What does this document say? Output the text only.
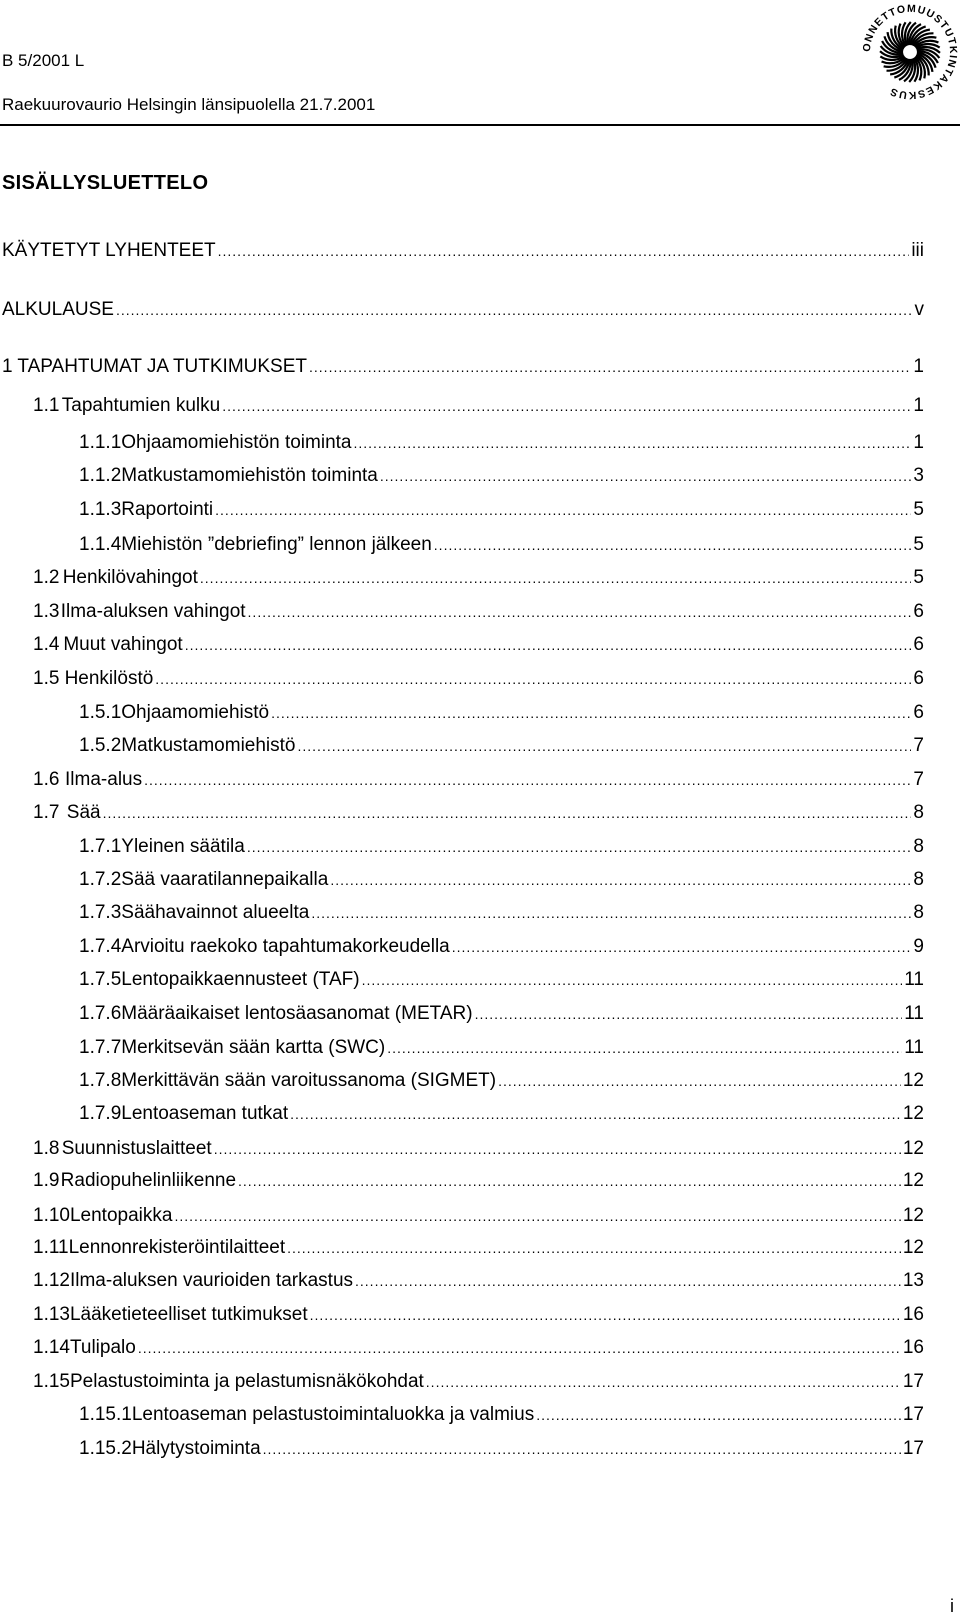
B 5/2001 L
Raekuurovaurio Helsingin länsipuolella 21.7.2001
ONNETTOMUUSTUTKINTAKESKUS
SISÄLLYSLUETTELO
KÄYTETYT LYHENTEET .....	iii
ALKULAUSE .....	v
1 TAPAHTUMAT JA TUTKIMUKSET .....	1
1.1 Tapahtumien kulku .....	1
1.1.1 Ohjaamomiehistön toiminta .....	1
1.1.2 Matkustamomiehistön toiminta .....	3
1.1.3 Raportointi .....	5
1.1.4 Miehistön ”debriefing” lennon jälkeen .....	5
1.2 Henkilövahingot .....	5
1.3 Ilma-aluksen vahingot .....	6
1.4 Muut vahingot .....	6
1.5 Henkilöstö .....	6
1.5.1 Ohjaamomiehistö .....	6
1.5.2 Matkustamomiehistö .....	7
1.6 Ilma-alus .....	7
1.7 Sää .....	8
1.7.1 Yleinen säätila .....	8
1.7.2 Sää vaaratilannepaikalla .....	8
1.7.3 Säähavainnot alueelta .....	8
1.7.4 Arvioitu raekoko tapahtumakorkeudella .....	9
1.7.5 Lentopaikkaennusteet (TAF) .....	11
1.7.6 Määräaikaiset lentosäasanomat (METAR) .....	11
1.7.7 Merkitsevän sään kartta (SWC) .....	11
1.7.8 Merkittävän sään varoitussanoma (SIGMET) .....	12
1.7.9 Lentoaseman tutkat .....	12
1.8 Suunnistuslaitteet .....	12
1.9 Radiopuhelinliikenne .....	12
1.10 Lentopaikka .....	12
1.11 Lennonrekisteröintilaitteet .....	12
1.12 Ilma-aluksen vaurioiden tarkastus .....	13
1.13 Lääketieteelliset tutkimukset .....	16
1.14 Tulipalo .....	16
1.15 Pelastustoiminta ja pelastumisnäkökohdat .....	17
1.15.1 Lentoaseman pelastustoimintaluokka ja valmius .....	17
1.15.2 Hälytystoiminta .....	17
i
